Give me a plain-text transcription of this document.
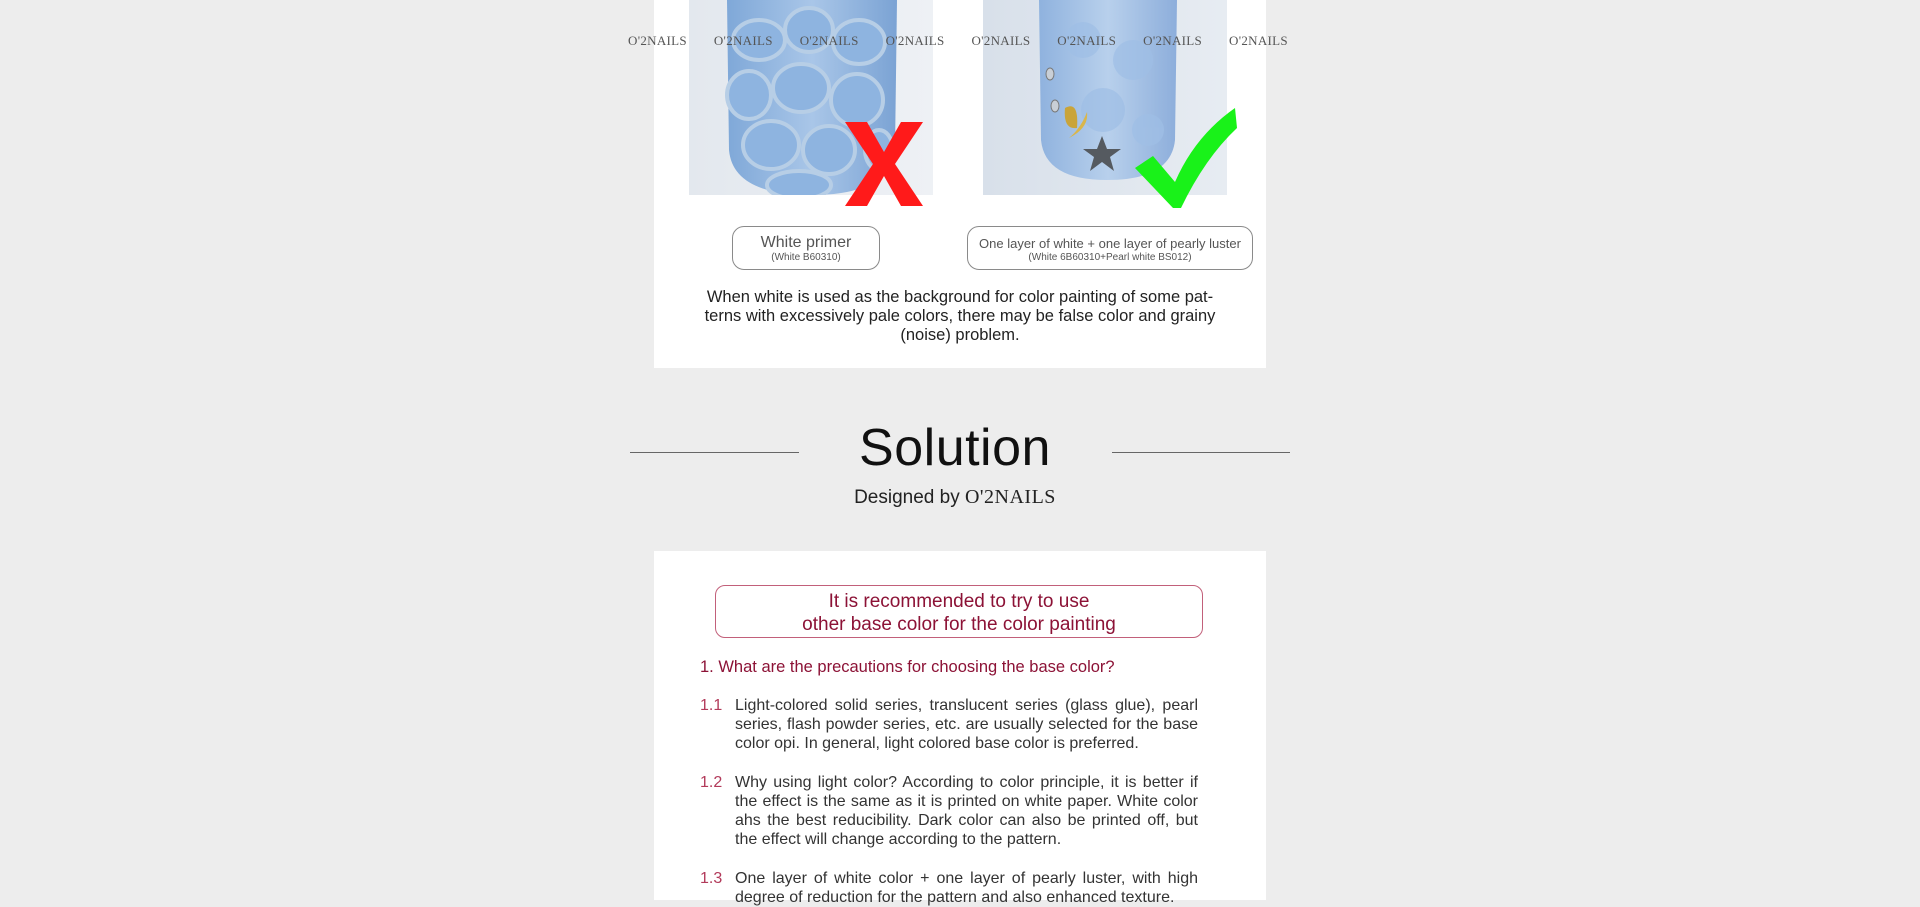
O'2NAILS O'2NAILS O'2NAILS O'2NAILS O'2NAILS O'2NAILS O'2NAILS O'2NAILS
White primer
(White B60310)
One layer of white + one layer of pearly luster
(White 6B60310+Pearl white BS012)
When white is used as the background for color painting of some pat-terns with excessively pale colors, there may be false color and grainy (noise) problem.
Solution
Designed by O'2NAILS
It is recommended to try to use
other base color for the color painting
1. What are the precautions for choosing the base color?
1.1 Light-colored solid series, translucent series (glass glue), pearl series, flash powder series, etc. are usually selected for the base color opi. In general, light colored base color is preferred.
1.2 Why using light color? According to color principle, it is better if the effect is the same as it is printed on white paper. White color ahs the best reducibility. Dark color can also be printed off, but the effect will change according to the pattern.
1.3 One layer of white color + one layer of pearly luster, with high degree of reduction for the pattern and also enhanced texture.
